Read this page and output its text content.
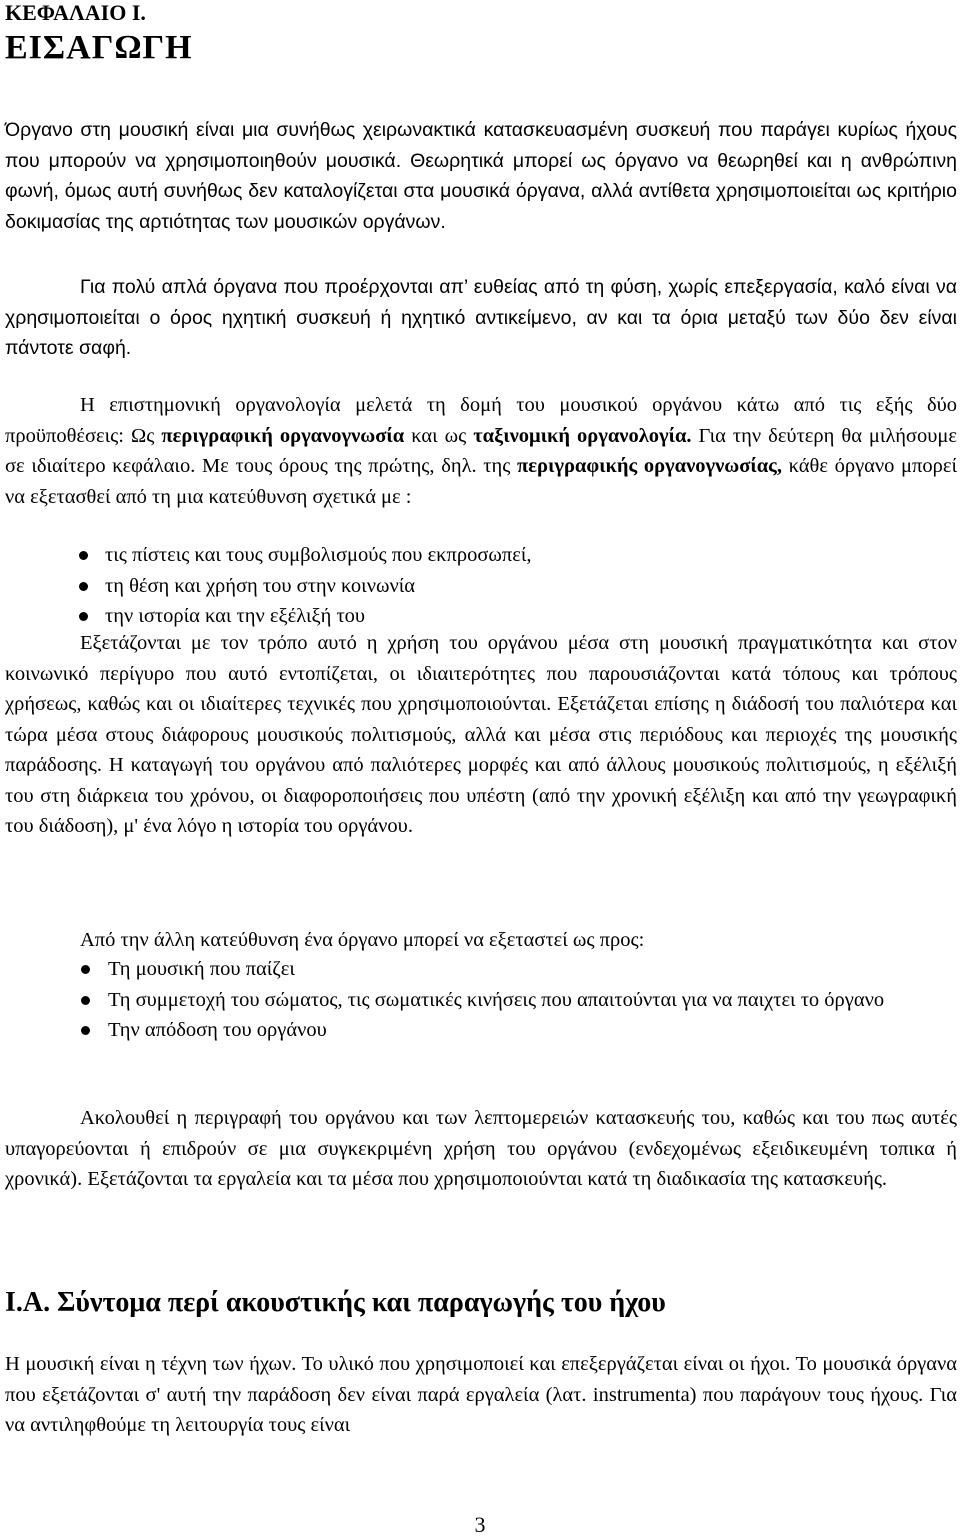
ΚΕΦΑΛΑΙΟ Ι.
ΕΙΣΑΓΩΓΗ
Όργανο στη μουσική είναι μια συνήθως χειρωνακτικά κατασκευασμένη συσκευή που παράγει κυρίως ήχους που μπορούν να χρησιμοποιηθούν μουσικά. Θεωρητικά μπορεί ως όργανο να θεωρηθεί και η ανθρώπινη φωνή, όμως αυτή συνήθως δεν καταλογίζεται στα μουσικά όργανα, αλλά αντίθετα χρησιμοποιείται ως κριτήριο δοκιμασίας της αρτιότητας των μουσικών οργάνων.
Για πολύ απλά όργανα που προέρχονται απ’ ευθείας από τη φύση, χωρίς επεξεργασία, καλό είναι να χρησιμοποιείται ο όρος ηχητική συσκευή ή ηχητικό αντικείμενο, αν και τα όρια μεταξύ των δύο δεν είναι πάντοτε σαφή.
Η επιστημονική οργανολογία μελετά τη δομή του μουσικού οργάνου κάτω από τις εξής δύο προϋποθέσεις: Ως περιγραφική οργανογνωσία και ως ταξινομική οργανολογία. Για την δεύτερη θα μιλήσουμε σε ιδιαίτερο κεφάλαιο. Με τους όρους της πρώτης, δηλ. της περιγραφικής οργανογνωσίας, κάθε όργανο μπορεί να εξετασθεί από τη μια κατεύθυνση σχετικά με :
τις πίστεις και τους συμβολισμούς που εκπροσωπεί,
τη θέση και χρήση του στην κοινωνία
την ιστορία και την εξέλιξή του
Εξετάζονται με τον τρόπο αυτό η χρήση του οργάνου μέσα στη μουσική πραγματικότητα και στον κοινωνικό περίγυρο που αυτό εντοπίζεται, οι ιδιαιτερότητες που παρουσιάζονται κατά τόπους και τρόπους χρήσεως, καθώς και οι ιδιαίτερες τεχνικές που χρησιμοποιούνται. Εξετάζεται επίσης η διάδοσή του παλιότερα και τώρα μέσα στους διάφορους μουσικούς πολιτισμούς, αλλά και μέσα στις περιόδους και περιοχές της μουσικής παράδοσης. Η καταγωγή του οργάνου από παλιότερες μορφές και από άλλους μουσικούς πολιτισμούς, η εξέλιξή του στη διάρκεια του χρόνου, οι διαφοροποιήσεις που υπέστη (από την χρονική εξέλιξη και από την γεωγραφική του διάδοση), μ' ένα λόγο η ιστορία του οργάνου.
Από την άλλη κατεύθυνση ένα όργανο μπορεί να εξεταστεί ως προς:
Τη μουσική που παίζει
Τη συμμετοχή του σώματος, τις σωματικές κινήσεις που απαιτούνται για να παιχτει το όργανο
Την απόδοση του οργάνου
Ακολουθεί η περιγραφή του οργάνου και των λεπτομερειών κατασκευής του, καθώς και του πως αυτές υπαγορεύονται ή επιδρούν σε μια συγκεκριμένη χρήση του οργάνου (ενδεχομένως εξειδικευμένη τοπικα ή χρονικά). Εξετάζονται τα εργαλεία και τα μέσα που χρησιμοποιούνται κατά τη διαδικασία της κατασκευής.
Ι.Α. Σύντομα περί ακουστικής και παραγωγής του ήχου
Η μουσική είναι η τέχνη των ήχων. Το υλικό που χρησιμοποιεί και επεξεργάζεται είναι οι ήχοι. Το μουσικά όργανα που εξετάζονται σ' αυτή την παράδοση δεν είναι παρά εργαλεία (λατ. instrumenta) που παράγουν τους ήχους. Για να αντιληφθούμε τη λειτουργία τους είναι
3
